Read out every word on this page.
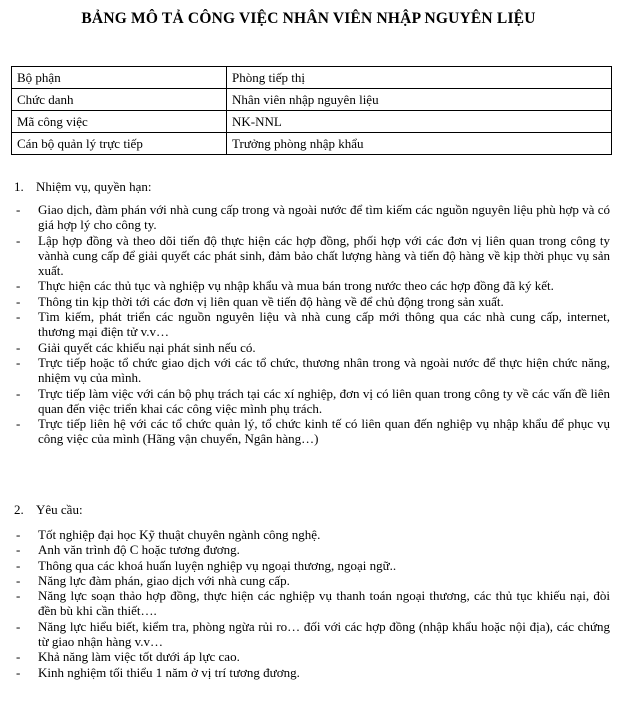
BẢNG MÔ TẢ CÔNG VIỆC NHÂN VIÊN NHẬP NGUYÊN LIỆU
Bộ phận	Phòng tiếp thị
Chức danh	Nhân viên nhập nguyên liệu
Mã công việc	NK-NNL
Cán bộ quản lý trực tiếp	Trưởng phòng nhập khẩu
1. Nhiệm vụ, quyền hạn:
- Giao dịch, đàm phán với nhà cung cấp trong và ngoài nước để tìm kiếm các nguồn nguyên liệu phù hợp và có giá hợp lý cho công ty.
- Lập hợp đồng và theo dõi tiến độ thực hiện các hợp đồng, phối hợp với các đơn vị liên quan trong công ty vànhà cung cấp để giải quyết các phát sinh, đảm bảo chất lượng hàng và tiến độ hàng về kịp thời phục vụ sản xuất.
- Thực hiện các thủ tục và nghiệp vụ nhập khẩu và mua bán trong nước theo các hợp đồng đã ký kết.
- Thông tin kịp thời tới các đơn vị liên quan về tiến độ hàng về để chủ động trong sản xuất.
- Tìm kiếm, phát triển các nguồn nguyên liệu và nhà cung cấp mới thông qua các nhà cung cấp, internet, thương mại điện tử v.v…
- Giải quyết các khiếu nại phát sinh nếu có.
- Trực tiếp hoặc tổ chức giao dịch với các tổ chức, thương nhân trong và ngoài nước để thực hiện chức năng, nhiệm vụ của mình.
- Trực tiếp làm việc với cán bộ phụ trách tại các xí nghiệp, đơn vị có liên quan trong công ty về các vấn đề liên quan đến việc triển khai các công việc mình phụ trách.
- Trực tiếp liên hệ với các tổ chức quản lý, tổ chức kinh tế có liên quan đến nghiệp vụ nhập khẩu để phục vụ công việc của mình (Hãng vận chuyển, Ngân hàng…)
2. Yêu cầu:
- Tốt nghiệp đại học Kỹ thuật chuyên ngành công nghệ.
- Anh văn trình độ C hoặc tương đương.
- Thông qua các khoá huấn luyện nghiệp vụ ngoại thương, ngoại ngữ..
- Năng lực đàm phán, giao dịch với nhà cung cấp.
- Năng lực soạn thảo hợp đồng, thực hiện các nghiệp vụ thanh toán ngoại thương, các thủ tục khiếu nại, đòi đền bù khi cần thiết….
- Năng lực hiểu biết, kiểm tra, phòng ngừa rủi ro… đối với các hợp đồng (nhập khẩu hoặc nội địa), các chứng từ giao nhận hàng v.v…
- Khả năng làm việc tốt dưới áp lực cao.
- Kinh nghiệm tối thiểu 1 năm ở vị trí tương đương.
